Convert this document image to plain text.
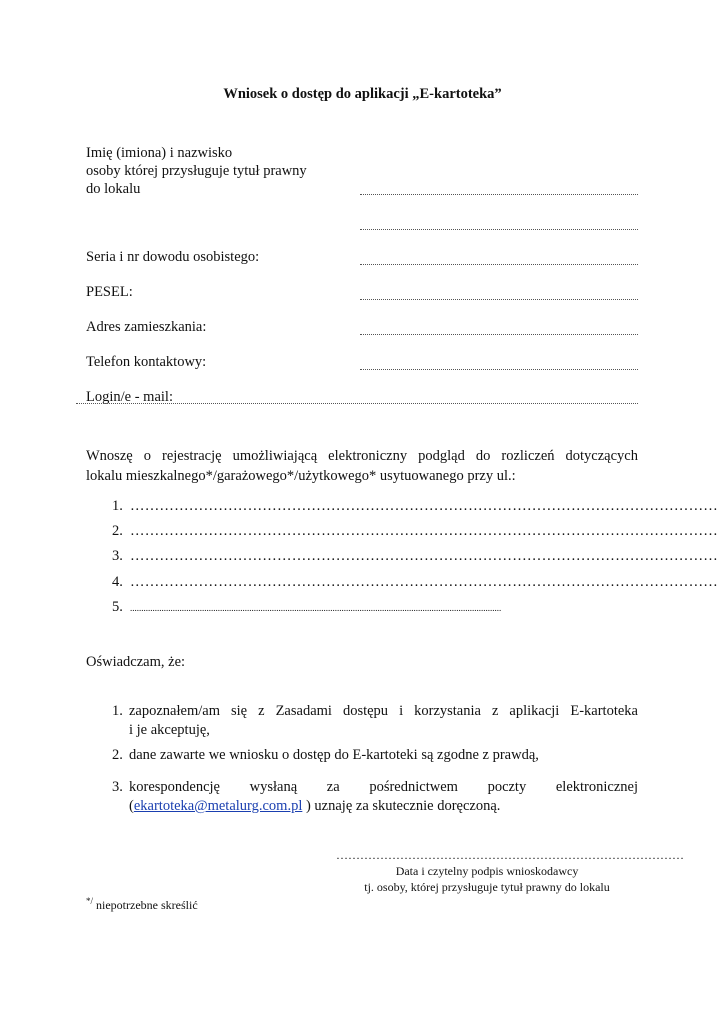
Wniosek o dostęp do aplikacji „E-kartoteka”
Imię (imiona) i nazwisko
osoby której przysługuje tytuł prawny
do lokalu
Seria i nr dowodu osobistego:
PESEL:
Adres zamieszkania:
Telefon kontaktowy:
Login/e - mail:
Wnoszę o rejestrację umożliwiającą elektroniczny podgląd do rozliczeń dotyczących
lokalu mieszkalnego*/garażowego*/użytkowego* usytuowanego przy ul.:
1. …………………………………………………………………………………………………………
2. …………………………………………………………………………………………………………
3. …………………………………………………………………………………………………………
4. …………………………………………………………………………………………………………
5. .....................................................................................................................................................................
Oświadczam, że:
1. zapoznałem/am się z Zasadami dostępu i korzystania z aplikacji E-kartoteka
i je akceptuję,
2. dane zawarte we wniosku o dostęp do E-kartoteki są zgodne z prawdą,
3. korespondencję wysłaną za pośrednictwem poczty elektronicznej
(ekartoteka@metalurg.com.pl ) uznaję za skutecznie doręczoną.
……………………………………………………………………………
Data i czytelny podpis wnioskodawcy
tj. osoby, której przysługuje tytuł prawny do lokalu
*/ niepotrzebne skreślić
